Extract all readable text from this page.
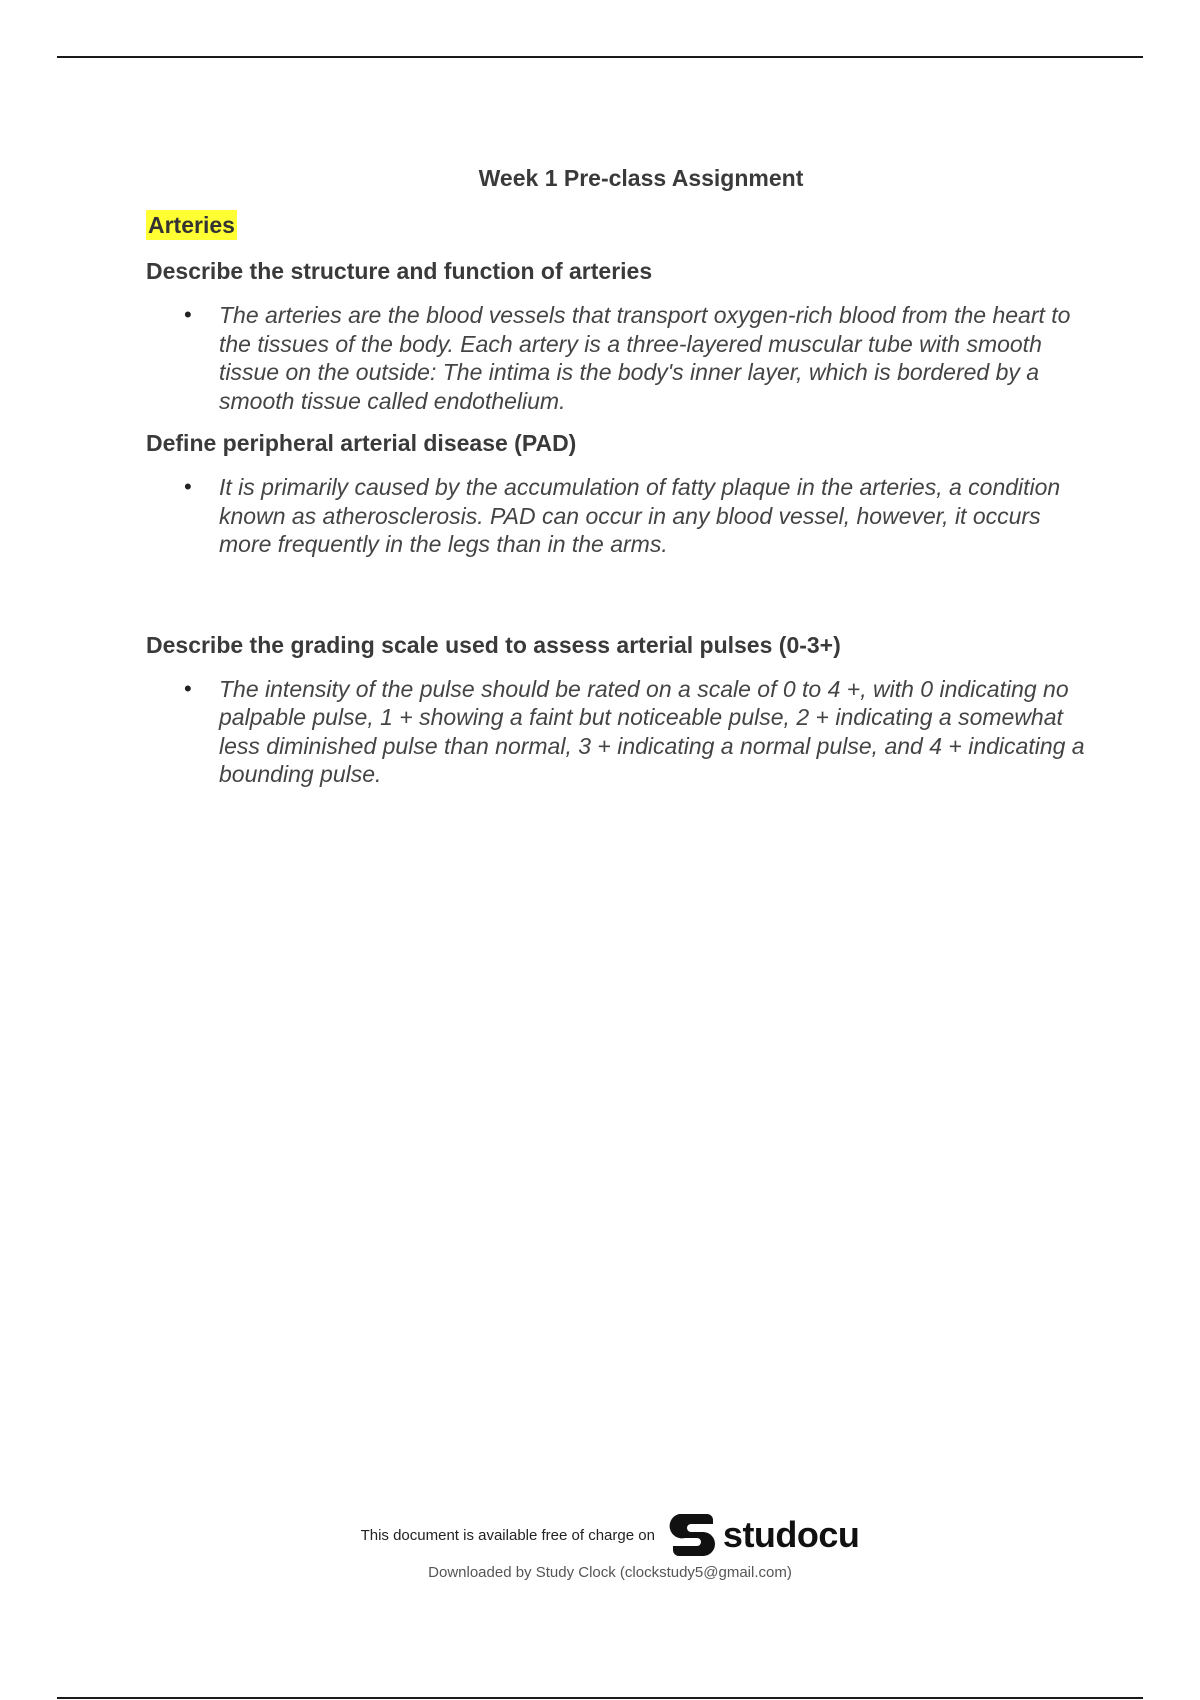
Week 1 Pre-class Assignment
Arteries
Describe the structure and function of arteries
• The arteries are the blood vessels that transport oxygen-rich blood from the heart to the tissues of the body. Each artery is a three-layered muscular tube with smooth tissue on the outside: The intima is the body's inner layer, which is bordered by a smooth tissue called endothelium.
Define peripheral arterial disease (PAD)
• It is primarily caused by the accumulation of fatty plaque in the arteries, a condition known as atherosclerosis. PAD can occur in any blood vessel, however, it occurs more frequently in the legs than in the arms.
Describe the grading scale used to assess arterial pulses (0-3+)
• The intensity of the pulse should be rated on a scale of 0 to 4 +, with 0 indicating no palpable pulse, 1 + showing a faint but noticeable pulse, 2 + indicating a somewhat less diminished pulse than normal, 3 + indicating a normal pulse, and 4 + indicating a bounding pulse.
This document is available free of charge on studocu
Downloaded by Study Clock (clockstudy5@gmail.com)
